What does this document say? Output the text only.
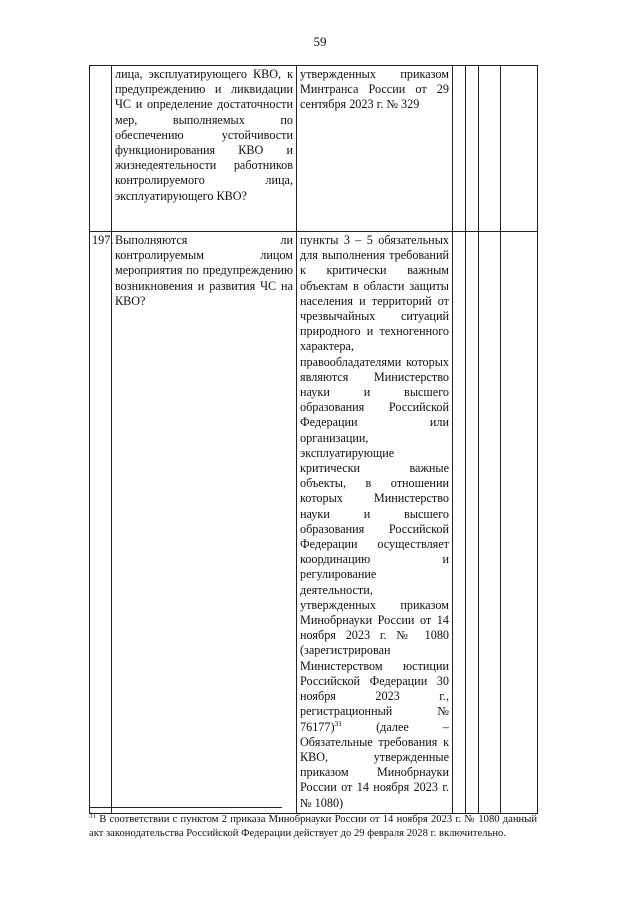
59

	лица, эксплуатирующего КВО, к предупреждению и ликвидации ЧС и определение достаточности мер, выполняемых по обеспечению устойчивости функционирования КВО и жизнедеятельности работников контролируемого лица, эксплуатирующего КВО?	утвержденных приказом Минтранса России от 29 сентября 2023 г. № 329				

197.	Выполняются ли контролируемым лицом мероприятия по предупреждению возникновения и развития ЧС на КВО?	пункты 3 – 5 обязательных для выполнения требований к критически важным объектам в области защиты населения и территорий от чрезвычайных ситуаций природного и техногенного характера, правообладателями которых являются Министерство науки и высшего образования Российской Федерации или организации, эксплуатирующие критически важные объекты, в отношении которых Министерство науки и высшего образования Российской Федерации осуществляет координацию и регулирование деятельности, утвержденных приказом Минобрнауки России от 14 ноября 2023 г. № 1080 (зарегистрирован Министерством юстиции Российской Федерации 30 ноября 2023 г., регистрационный № 76177)$^{31}$ (далее – Обязательные требования к КВО, утвержденные приказом Минобрнауки России от 14 ноября 2023 г. № 1080)				

$^{31}$ В соответствии с пунктом 2 приказа Минобрнауки России от 14 ноября 2023 г. № 1080 данный акт законодательства Российской Федерации действует до 29 февраля 2028 г. включительно.
